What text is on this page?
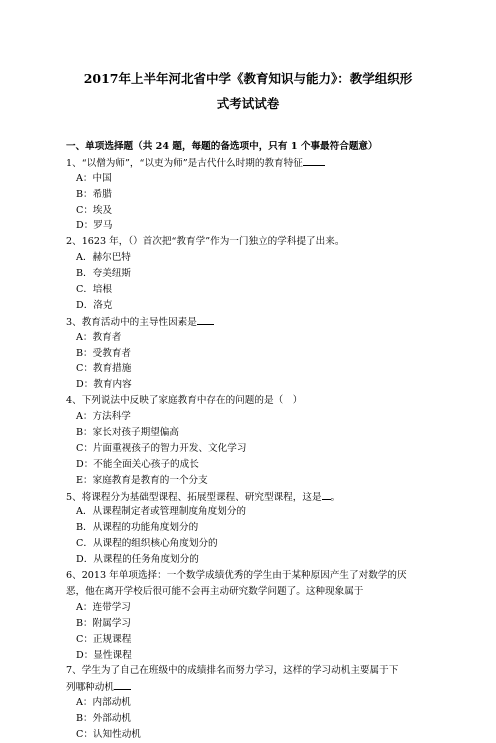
2017年上半年河北省中学《教育知识与能力》：教学组织形
式考试试卷
一、单项选择题（共 24 题，每题的备选项中，只有 1 个事最符合题意）
1、“以僧为师”，“以吏为师”是古代什么时期的教育特征
A：中国
B：希腊
C：埃及
D：罗马
2、1623 年，（）首次把“教育学”作为一门独立的学科提了出来。
A．赫尔巴特
B．夸美纽斯
C．培根
D．洛克
3、教育活动中的主导性因素是
A：教育者
B：受教育者
C：教育措施
D：教育内容
4、下列说法中反映了家庭教育中存在的问题的是（　）
A：方法科学
B：家长对孩子期望偏高
C：片面重视孩子的智力开发、文化学习
D：不能全面关心孩子的成长
E：家庭教育是教育的一个分支
5、将课程分为基础型课程、拓展型课程、研究型课程，这是 。
A．从课程制定者或管理制度角度划分的
B．从课程的功能角度划分的
C．从课程的组织核心角度划分的
D．从课程的任务角度划分的
6、2013 年单项选择：一个数学成绩优秀的学生由于某种原因产生了对数学的厌
恶，他在离开学校后很可能不会再主动研究数学问题了。这种现象属于
A：连带学习
B：附属学习
C：正规课程
D：显性课程
7、学生为了自己在班级中的成绩排名而努力学习，这样的学习动机主要属于下
列哪种动机
A：内部动机
B：外部动机
C：认知性动机
